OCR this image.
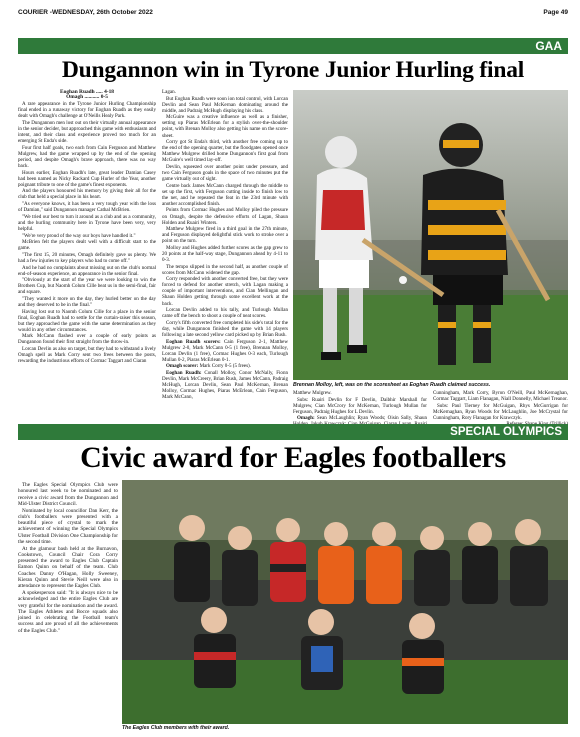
COURIER -WEDNESDAY, 26th October 2022	Page 49
GAA
Dungannon win in Tyrone Junior Hurling final

Eoghan Ruadh ..... 4-18

Omagh ........... 0-5

A rare appearance in the Tyrone Junior Hurling Championship final ended in a runaway victory for Eoghan Ruadh as they easily dealt with Omagh's challenge at O'Neills Healy Park.

The Dungannon men lost out on their virtually annual appearance in the senior decider, but approached this game with enthusiasm and intent, and their class and experience proved too much for an emerging St Enda's side.

Four first half goals, two each from Cain Ferguson and Matthew Mulgrew, had the game wrapped up by the end of the opening period, and despite Omagh's brave approach, there was no way back.

Hours earlier, Eoghan Ruadh's late, great leader Damian Casey had been named as Nicky Rackard Cup Hurler of the Year, another poignant tribute to one of the game's finest exponents.

And the players honoured his memory by giving their all for the club that held a special place in his heart.

"As everyone knows, it has been a very tough year with the loss of Damian," said Dungannon manager Cathal McBrien.

"We tried our best to turn it around as a club and as a community, and the hurling community here in Tyrone have been very, very helpful.

"We're very proud of the way our boys have handled it."

McBrien felt the players dealt well with a difficult start to the game.

"The first 15, 20 minutes, Omagh definitely gave us plenty. We had a few injuries to key players who had to come off."

And he had no complaints about missing out on the club's normal end-of-season experience, an appearance in the senior final.

"Obviously at the start of the year we were looking to win the Brothers Cup, but Naomh Colum Cille beat us in the semi-final, fair and square.

"They wanted it more on the day, they hurled better on the day and they deserved to be in the final."

Having lost out to Naomh Colum Cille for a place in the senior final, Eoghan Ruadh had to settle for the curtain-raiser this season, but they approached the game with the same determination as they would in any other circumstances.

Mark McCann flashed over a couple of early points as Dungannon found their first straight from the throw-in.

Lorcan Devlin as also on target, but they had to withstand a lively Omagh spell as Mark Corry sent two frees between the posts, rewarding the industrious efforts of Cormac Taggart and Ciaran

Lagan.

But Eoghan Ruadh were soon ion total control, with Lorcan Devlin and Sean Paul McKernan dominating around the middle, and Padraig McHugh displaying his class.

McGuire was a creative influence as well as a finisher, setting up Piaras McErlean for a stylish over-the-shoulder point, with Brenan Molloy also getting his name on the score-sheet.

Corry got St Enda's third, with another free coming up to the end of the opening quarter, but the floodgates opened once Matthew Mulgrew drilled home Dungannon's first goal from McGuire's well timed lay-off.

Devlin, squeezed over another point under pressure, and two Cain Ferguson goals in the space of two minutes put the game virtually out of sight.

Centre back James McCann charged through the middle to set up the first, with Ferguson cutting inside to finish low to the net, and he repeated the feat in the 23rd minute with another accomplished finish.

Points from Cormac Hughes and Molloy piled the pressure on Omagh, despite the defensive efforts of Lagan, Shaun Holden and Ruairi Winters.

Matthew Mulgrew fired in a third goal in the 27th minute, and Ferguson displayed delightful stick work to stroke over a point on the turn.

Molloy and Hughes added further scores as the gap grew to 20 points at the half-way stage, Dungannon ahead by 4-11 to 0-3.

The tempo slipped in the second half, as another couple of scores from McCann widened the gap.

Corry responded with another converted free, but they were forced to defend for another stretch, with Lagan making a couple of important interventions, and Cian Mellingan and Shaun Holden getting through some excellent work at the back.

Lorcan Devlin added to his tally, and Turlough Mullan came off the bench to shoot a couple of neat scores.

Corry's fifth converted free completed his side's total for the day, while Dungannon finished the game with 14 players following a late second yellow card picked up by Brian Rush.

Eoghan Ruadh scorers: Cain Ferguson 2-1, Matthew Mulgrew 2-0, Mark McCann 0-5 (1 free), Brennan Molloy, Lorcan Devlin (1 free), Cormac Hughes 0-3 each, Turlough Mullan 0-2, Piaras McErlean 0-1.

Omagh scorer: Mark Corry 0-5 (5 frees).

Eoghan Ruadh: Conall Molloy, Conor McNally, Fionn Devlin, Mark McCreery, Brian Rush, James McCann, Padraig McHugh, Lorcan Devlin, Sean Paul McKernan, Brenan Molloy, Cormac Hughes, Piaras McErlean, Cain Ferguson, Mark McCann,

Brennan Molloy, left, was on the scoresheet as Eoghan Ruadh claimed success.

Matthew Mulgrew.

Subs: Ruairi Devlin for F Devlin, Daibhir Marshall for Mulgrew, Cian McCrory for McKernan, Turlough Mullan for Ferguson, Padraig Hughes for L Devlin.

Omagh: Sean McLaughlin; Ryan Woods; Oisin Sally, Shaun

Cunningham, Mark Corry, Byron O'Neill, Paul McKernaghan, Cormac Taggart, Liam Flanagan, Niall Donnelly, Michael Treanor.

Subs: Paul Tierney for McGuigan, Rhys McGurrigan for McKernaghan, Ryan Woods for McLaughlin, Joe McCrystal for Cunningham, Rory Flanagan for Krawczyk.

SPECIAL OLYMPICS
Civic award for Eagles footballers

The Eagles Special Olympics Club were honoured last week to be nominated and to receive a civic award from the Dungannon and Mid-Ulster District Council.

Nominated by local councillor Dan Kerr, the club's footballers were presented with a beautiful piece of crystal to mark the achievement of winning the Special Olympics Ulster Football Division One Championship for the second time.

At the glamour bash held at the Burnavon, Cookstown, Council Chair Cora Corry presented the award to Eagles Club Captain Eamon Quinn on behalf of the team. Club Coaches Danny O'Hagan, Holly Sweeney, Kieran Quinn and Stevie Neill were also in attendance to represent the Eagles Club.

A spokesperson said: "It is always nice to be acknowledged and the entire Eagles Club are very grateful for the nomination and the award. The Eagles Athletes and Bocce squads also joined in celebrating the Football team's success and are proud of all the achievements of the Eagles Club."

The Eagles Club members with their award.
